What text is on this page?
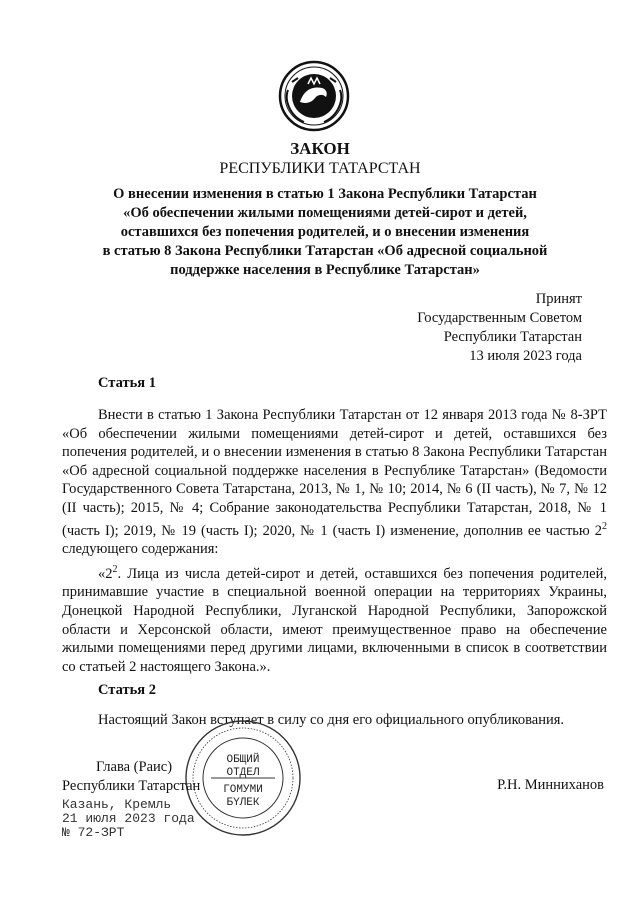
ЗАКОН
РЕСПУБЛИКИ ТАТАРСТАН
О внесении изменения в статью 1 Закона Республики Татарстан
«Об обеспечении жилыми помещениями детей-сирот и детей,
оставшихся без попечения родителей, и о внесении изменения
в статью 8 Закона Республики Татарстан «Об адресной социальной
поддержке населения в Республике Татарстан»
Принят
Государственным Советом
Республики Татарстан
13 июля 2023 года
Статья 1
Внести в статью 1 Закона Республики Татарстан от 12 января 2013 года № 8-ЗРТ «Об обеспечении жилыми помещениями детей-сирот и детей, оставшихся без попечения родителей, и о внесении изменения в статью 8 Закона Республики Татарстан «Об адресной социальной поддержке населения в Республике Татарстан» (Ведомости Государственного Совета Татарстана, 2013, № 1, № 10; 2014, № 6 (II часть), № 7, № 12 (II часть); 2015, № 4; Собрание законодательства Республики Татарстан, 2018, № 1 (часть I); 2019, № 19 (часть I); 2020, № 1 (часть I) изменение, дополнив ее частью $2^2$ следующего содержания:
«$2^2$. Лица из числа детей-сирот и детей, оставшихся без попечения родителей, принимавшие участие в специальной военной операции на территориях Украины, Донецкой Народной Республики, Луганской Народной Республики, Запорожской области и Херсонской области, имеют преимущественное право на обеспечение жилыми помещениями перед другими лицами, включенными в список в соответствии со статьей 2 настоящего Закона.».
Статья 2
Настоящий Закон вступает в силу со дня его официального опубликования.
ОБЩИЙ
ОТДЕЛ
ГОМУМИ
БҮЛЕК
Глава (Раис)
Республики Татарстан	Р.Н. Минниханов
Казань, Кремль
21 июля 2023 года
№ 72-ЗРТ
